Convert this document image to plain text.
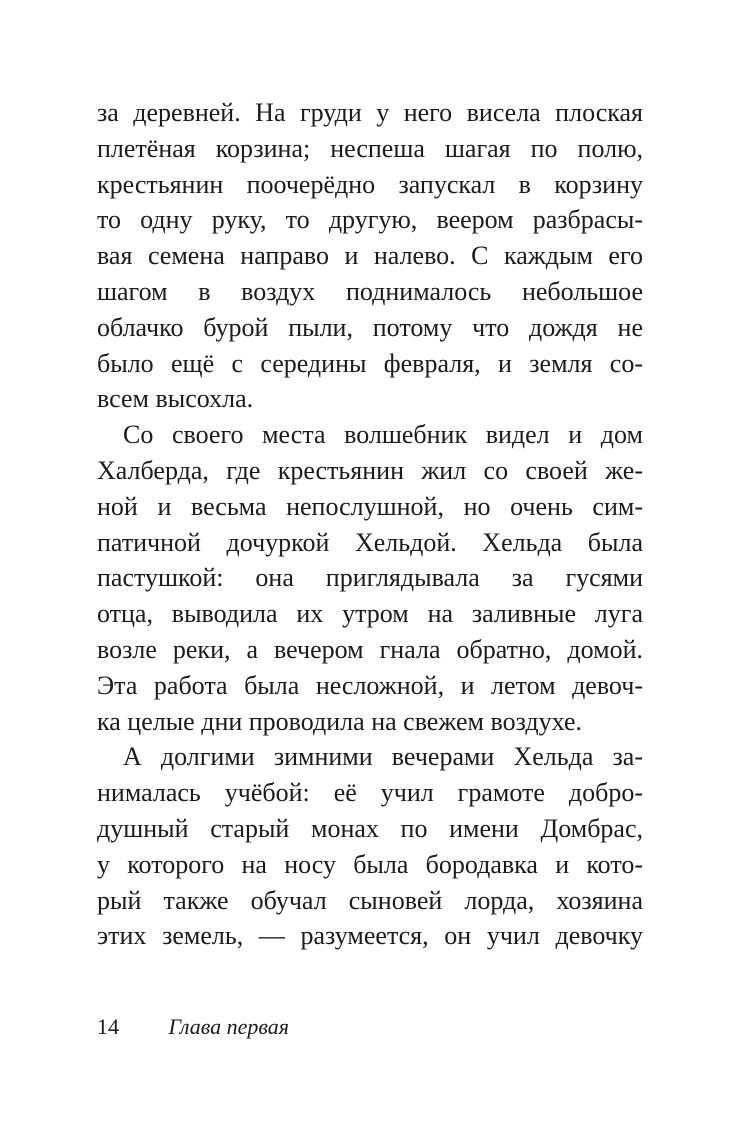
за деревней. На груди у него висела плоская
плетёная корзина; неспеша шагая по полю,
крестьянин поочерёдно запускал в корзину
то одну руку, то другую, веером разбрасы-
вая семена направо и налево. С каждым его
шагом в воздух поднималось небольшое
облачко бурой пыли, потому что дождя не
было ещё с середины февраля, и земля со-
всем высохла.
Со своего места волшебник видел и дом
Халберда, где крестьянин жил со своей же-
ной и весьма непослушной, но очень сим-
патичной дочуркой Хельдой. Хельда была
пастушкой: она приглядывала за гусями
отца, выводила их утром на заливные луга
возле реки, а вечером гнала обратно, домой.
Эта работа была несложной, и летом девоч-
ка целые дни проводила на свежем воздухе.
А долгими зимними вечерами Хельда за-
нималась учёбой: её учил грамоте добро-
душный старый монах по имени Домбрас,
у которого на носу была бородавка и кото-
рый также обучал сыновей лорда, хозяина
этих земель, — разумеется, он учил девочку
14 Глава первая
